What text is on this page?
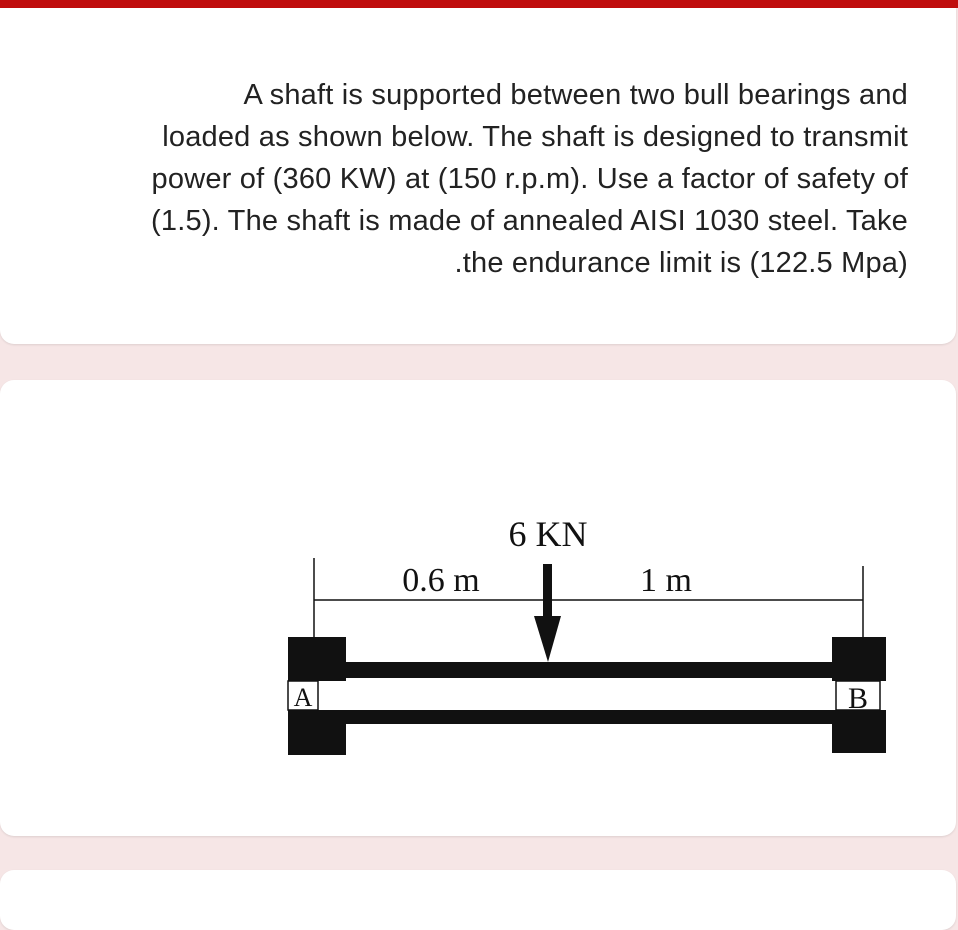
A shaft is supported between two bull bearings and
loaded as shown below. The shaft is designed to transmit
power of (360 KW) at (150 r.p.m). Use a factor of safety of
(1.5). The shaft is made of annealed AISI 1030 steel. Take
.the endurance limit is (122.5 Mpa)

6 KN
0.6 m	1 m
A	B
